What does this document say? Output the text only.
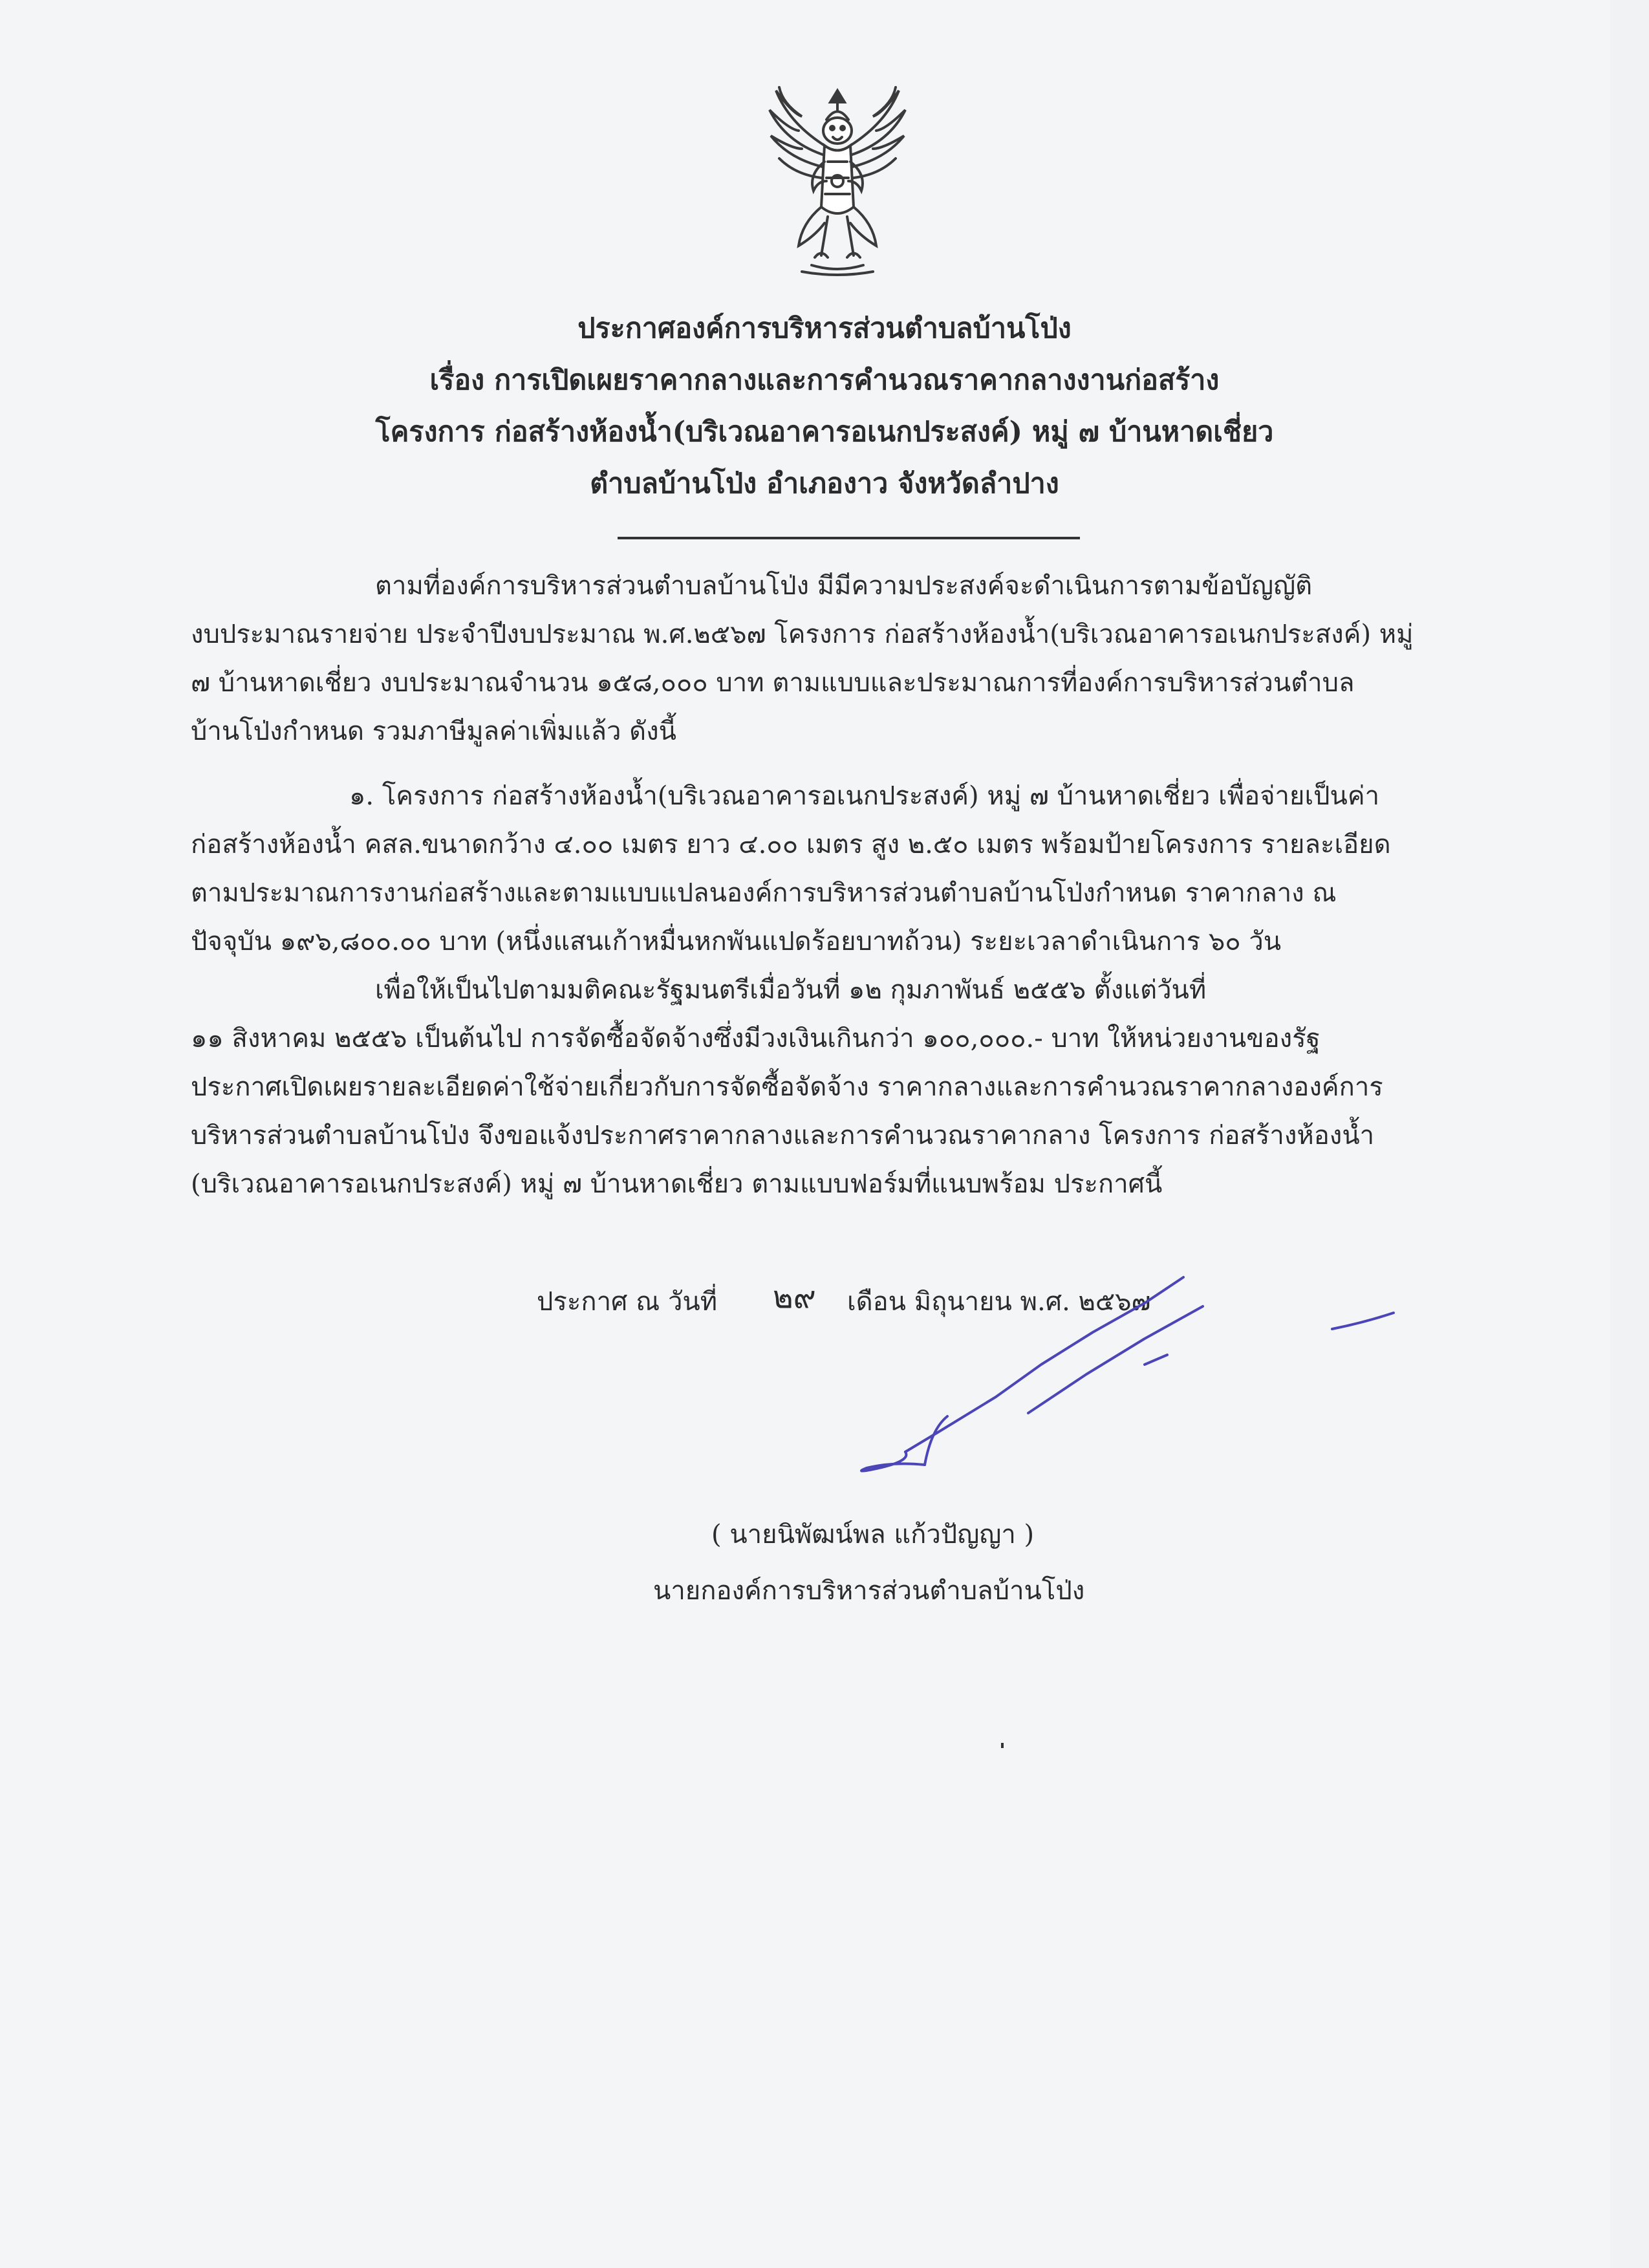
ประกาศองค์การบริหารส่วนตำบลบ้านโป่ง
เรื่อง การเปิดเผยราคากลางและการคำนวณราคากลางงานก่อสร้าง
โครงการ ก่อสร้างห้องน้ำ(บริเวณอาคารอเนกประสงค์) หมู่ ๗ บ้านหาดเชี่ยว
ตำบลบ้านโป่ง อำเภองาว จังหวัดลำปาง
ตามที่องค์การบริหารส่วนตำบลบ้านโป่ง มีมีความประสงค์จะดำเนินการตามข้อบัญญัติ
งบประมาณรายจ่าย ประจำปีงบประมาณ พ.ศ.๒๕๖๗ โครงการ ก่อสร้างห้องน้ำ(บริเวณอาคารอเนกประสงค์) หมู่
๗ บ้านหาดเชี่ยว งบประมาณจำนวน ๑๕๘,๐๐๐ บาท ตามแบบและประมาณการที่องค์การบริหารส่วนตำบล
บ้านโป่งกำหนด รวมภาษีมูลค่าเพิ่มแล้ว ดังนี้
๑. โครงการ ก่อสร้างห้องน้ำ(บริเวณอาคารอเนกประสงค์) หมู่ ๗ บ้านหาดเชี่ยว เพื่อจ่ายเป็นค่า
ก่อสร้างห้องน้ำ คสล.ขนาดกว้าง ๔.๐๐ เมตร ยาว ๔.๐๐ เมตร สูง ๒.๕๐ เมตร พร้อมป้ายโครงการ รายละเอียด
ตามประมาณการงานก่อสร้างและตามแบบแปลนองค์การบริหารส่วนตำบลบ้านโป่งกำหนด ราคากลาง ณ
ปัจจุบัน ๑๙๖,๘๐๐.๐๐ บาท (หนึ่งแสนเก้าหมื่นหกพันแปดร้อยบาทถ้วน) ระยะเวลาดำเนินการ ๖๐ วัน
เพื่อให้เป็นไปตามมติคณะรัฐมนตรีเมื่อวันที่ ๑๒ กุมภาพันธ์ ๒๕๕๖ ตั้งแต่วันที่
๑๑ สิงหาคม ๒๕๕๖ เป็นต้นไป การจัดซื้อจัดจ้างซึ่งมีวงเงินเกินกว่า ๑๐๐,๐๐๐.- บาท ให้หน่วยงานของรัฐ
ประกาศเปิดเผยรายละเอียดค่าใช้จ่ายเกี่ยวกับการจัดซื้อจัดจ้าง ราคากลางและการคำนวณราคากลางองค์การ
บริหารส่วนตำบลบ้านโป่ง จึงขอแจ้งประกาศราคากลางและการคำนวณราคากลาง โครงการ ก่อสร้างห้องน้ำ
(บริเวณอาคารอเนกประสงค์) หมู่ ๗ บ้านหาดเชี่ยว ตามแบบฟอร์มที่แนบพร้อม ประกาศนี้
ประกาศ ณ วันที่ ๒๙ เดือน มิถุนายน พ.ศ. ๒๕๖๗
( นายนิพัฒน์พล แก้วปัญญา )
นายกองค์การบริหารส่วนตำบลบ้านโป่ง
